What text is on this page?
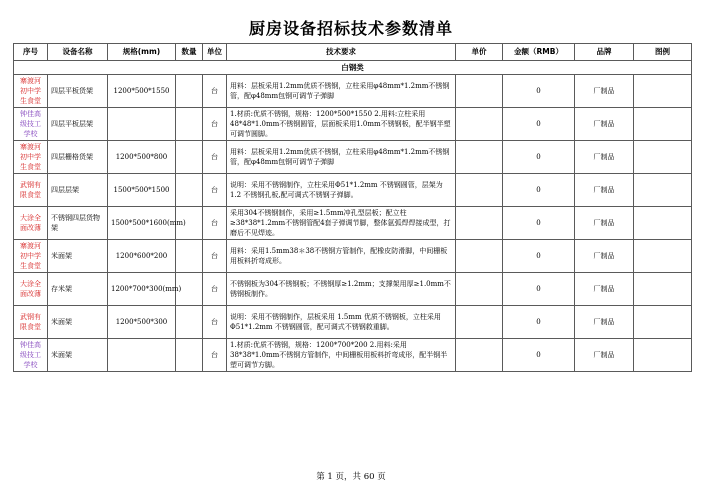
厨房设备招标技术参数清单
序号	设备名称	规格(mm)	数量	单位	技术要求	单价	金额（RMB）	品牌	图例
白钢类									
寨渡河初中学生食堂	四层平板货架	1200*500*1550		台	用料：层板采用1.2mm优质不锈钢，立柱采用φ48mm*1.2mm不锈钢管，配φ48mm包钢可调节子弹脚		0	厂制品	
钟佳高级技工学校	四层平板层架			台	1.材质:优质不锈钢，规格：1200*500*1550 2.用料:立柱采用48*48*1.0mm不锈钢圆管，层面板采用1.0mm不锈钢板，配半钢半塑可调节圆脚。		0	厂制品	
寨渡河初中学生食堂	四层栅格货架	1200*500*800		台	用料：层板采用1.2mm优质不锈钢，立柱采用φ48mm*1.2mm不锈钢管，配φ48mm包钢可调节子弹脚		0	厂制品	
武钢有限食堂	四层层架	1500*500*1500		台	说明：采用不锈钢制作，立柱采用Φ51*1.2mm 不锈钢圆管，层架为 1.2 不锈钢孔板,配可调式不锈钢子弹脚。		0	厂制品	
大涂全面改薄	不锈钢四层货物架	1500*500*1600(mm)		台	采用304不锈钢制作，采用≥1.5mm冲孔型层板；配立柱≥38*38*1.2mm不锈钢管配4套子弹调节脚，整体氩弧焊焊接成型，打磨后不见焊迹。		0	厂制品	
寨渡河初中学生食堂	米面架	1200*600*200		台	用料：采用1.5mm38＊38不锈钢方管制作，配橡皮防滑脚，中间栅板用板料折弯成形。		0	厂制品	
大涂全面改薄	存米架	1200*700*300(mm)		台	不锈钢板为304不锈钢板；不锈钢厚≥1.2mm；支撑架用厚≥1.0mm不锈钢板制作。		0	厂制品	
武钢有限食堂	米面架	1200*500*300		台	说明：采用不锈钢制作，层板采用 1.5mm 优质不锈钢板，立柱采用Φ51*1.2mm 不锈钢圆管，配可调式不锈钢救重脚。		0	厂制品	
钟佳高级技工学校	米面架			台	1.材质:优质不锈钢，规格：1200*700*200 2.用料:采用38*38*1.0mm不锈钢方管制作，中间栅板用板料折弯成形，配半钢半塑可调节方脚。		0	厂制品	
第 1 页，共 60 页
